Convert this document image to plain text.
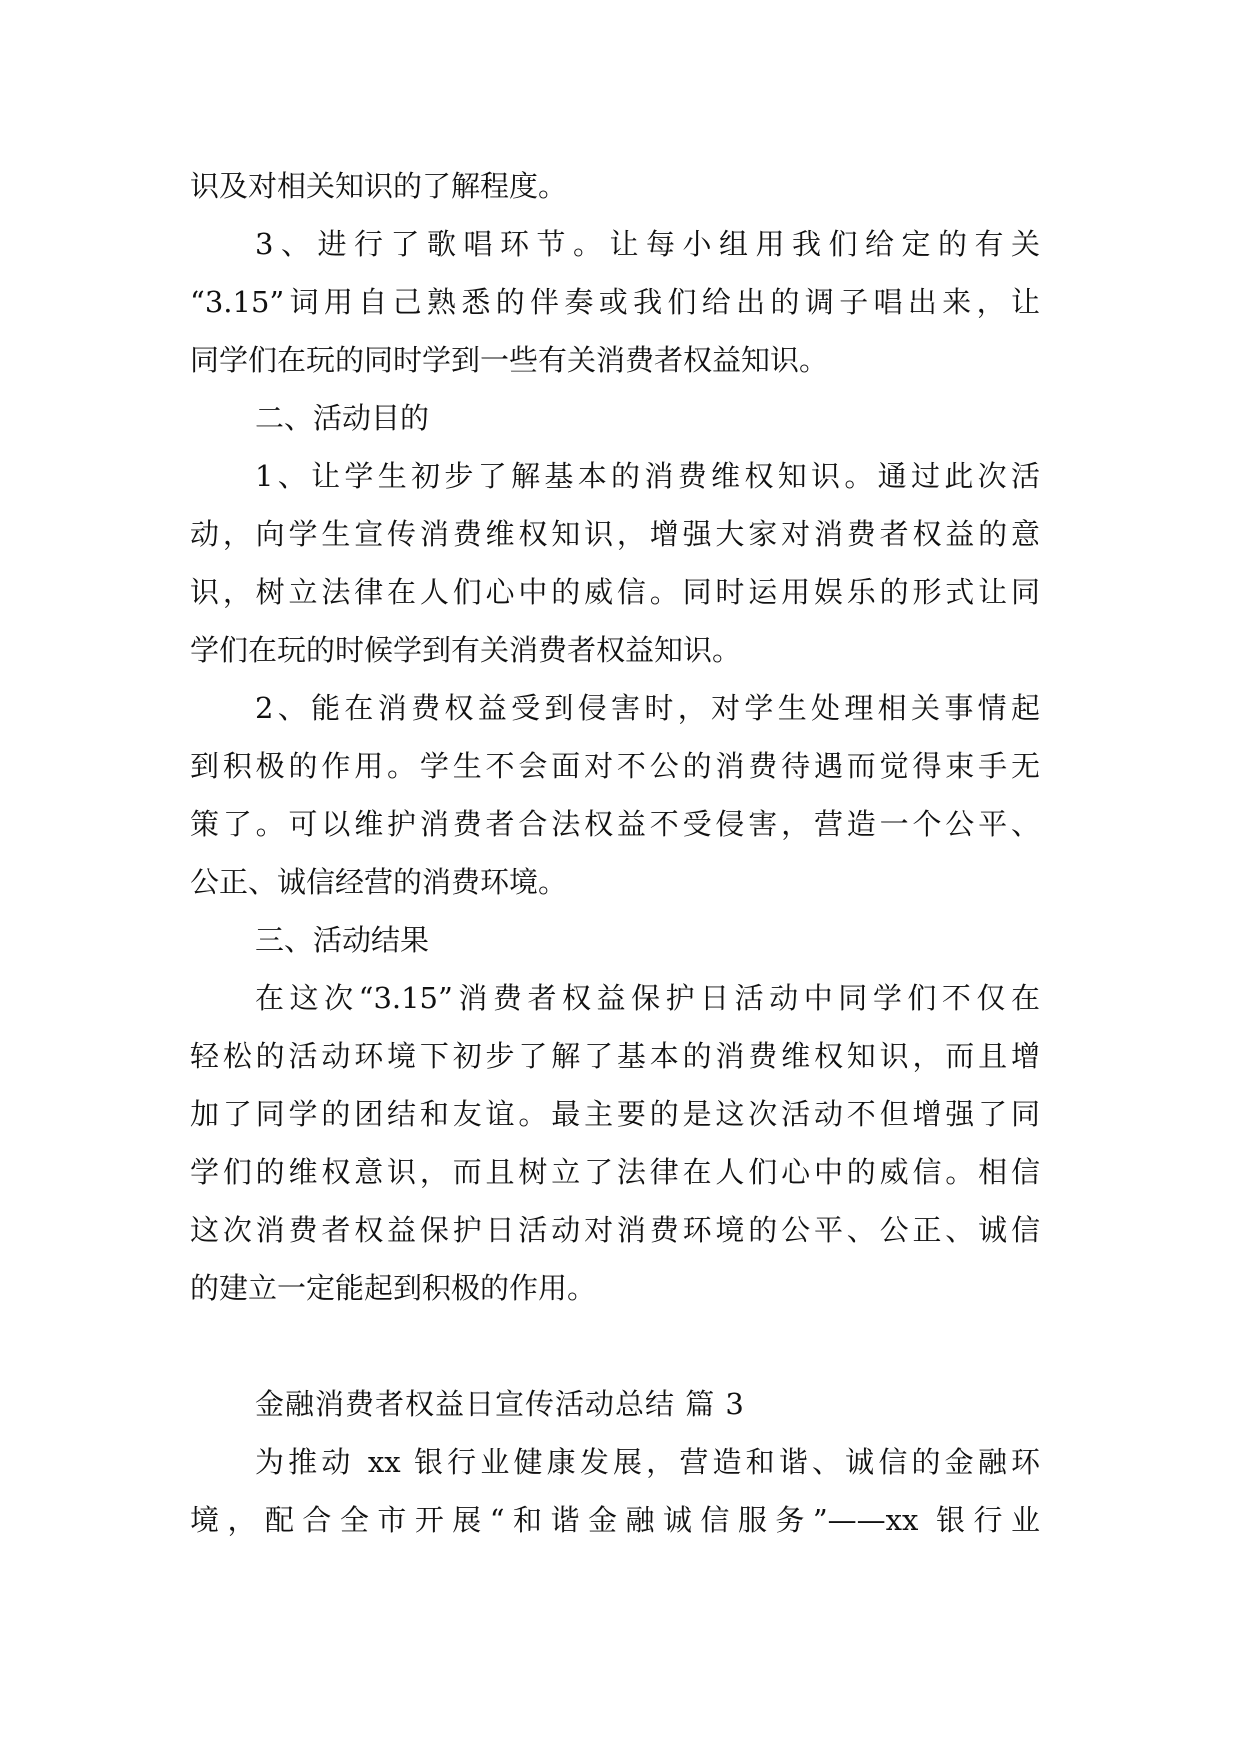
识及对相关知识的了解程度。
3、进行了歌唱环节。让每小组用我们给定的有关
“3.15”词用自己熟悉的伴奏或我们给出的调子唱出来，让
同学们在玩的同时学到一些有关消费者权益知识。
二、活动目的
1、让学生初步了解基本的消费维权知识。通过此次活
动，向学生宣传消费维权知识，增强大家对消费者权益的意
识，树立法律在人们心中的威信。同时运用娱乐的形式让同
学们在玩的时候学到有关消费者权益知识。
2、能在消费权益受到侵害时，对学生处理相关事情起
到积极的作用。学生不会面对不公的消费待遇而觉得束手无
策了。可以维护消费者合法权益不受侵害，营造一个公平、
公正、诚信经营的消费环境。
三、活动结果
在这次“3.15”消费者权益保护日活动中同学们不仅在
轻松的活动环境下初步了解了基本的消费维权知识，而且增
加了同学的团结和友谊。最主要的是这次活动不但增强了同
学们的维权意识，而且树立了法律在人们心中的威信。相信
这次消费者权益保护日活动对消费环境的公平、公正、诚信
的建立一定能起到积极的作用。
金融消费者权益日宣传活动总结 篇 3
为推动 xx 银行业健康发展，营造和谐、诚信的金融环
境，配合全市开展“和谐金融诚信服务”——xx 银行业
